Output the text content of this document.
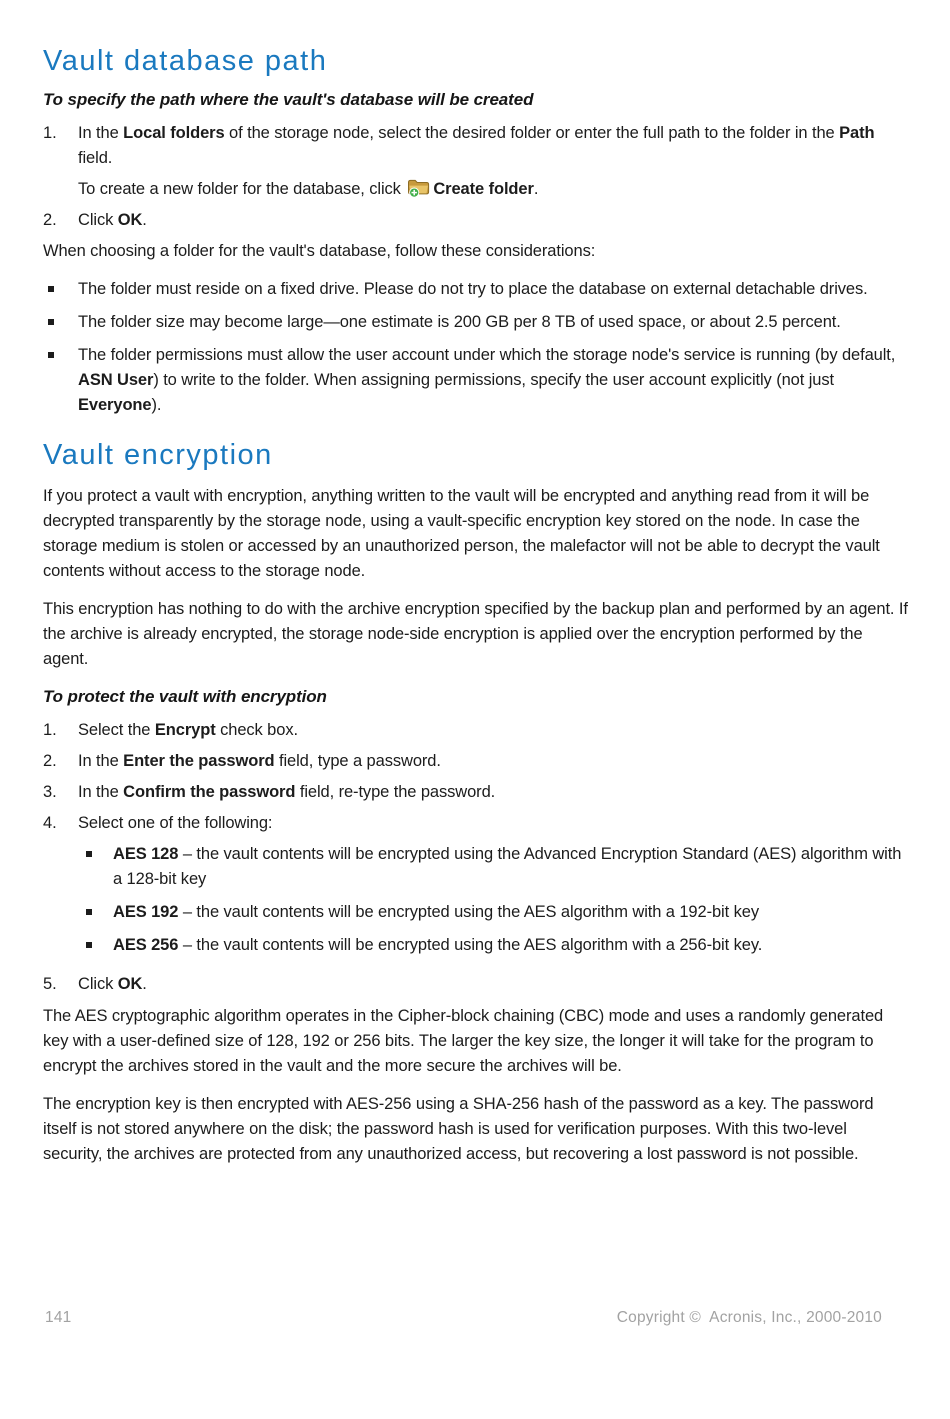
Vault database path

To specify the path where the vault's database will be created

1.	In the Local folders of the storage node, select the desired folder or enter the full path to the folder in the Path field.
To create a new folder for the database, click Create folder.
2.	Click OK.

When choosing a folder for the vault's database, follow these considerations:

The folder must reside on a fixed drive. Please do not try to place the database on external detachable drives.
The folder size may become large—one estimate is 200 GB per 8 TB of used space, or about 2.5 percent.
The folder permissions must allow the user account under which the storage node's service is running (by default, ASN User) to write to the folder. When assigning permissions, specify the user account explicitly (not just Everyone).
Vault encryption

If you protect a vault with encryption, anything written to the vault will be encrypted and anything read from it will be decrypted transparently by the storage node, using a vault-specific encryption key stored on the node. In case the storage medium is stolen or accessed by an unauthorized person, the malefactor will not be able to decrypt the vault contents without access to the storage node.

This encryption has nothing to do with the archive encryption specified by the backup plan and performed by an agent. If the archive is already encrypted, the storage node-side encryption is applied over the encryption performed by the agent.

To protect the vault with encryption

1.	Select the Encrypt check box.
2.	In the Enter the password field, type a password.
3.	In the Confirm the password field, re-type the password.
4.	Select one of the following:
AES 128 – the vault contents will be encrypted using the Advanced Encryption Standard (AES) algorithm with a 128-bit key
AES 192 – the vault contents will be encrypted using the AES algorithm with a 192-bit key
AES 256 – the vault contents will be encrypted using the AES algorithm with a 256-bit key.
5.	Click OK.

The AES cryptographic algorithm operates in the Cipher-block chaining (CBC) mode and uses a randomly generated key with a user-defined size of 128, 192 or 256 bits. The larger the key size, the longer it will take for the program to encrypt the archives stored in the vault and the more secure the archives will be.

The encryption key is then encrypted with AES-256 using a SHA-256 hash of the password as a key. The password itself is not stored anywhere on the disk; the password hash is used for verification purposes. With this two-level security, the archives are protected from any unauthorized access, but recovering a lost password is not possible.

141	Copyright ©  Acronis, Inc., 2000-2010
